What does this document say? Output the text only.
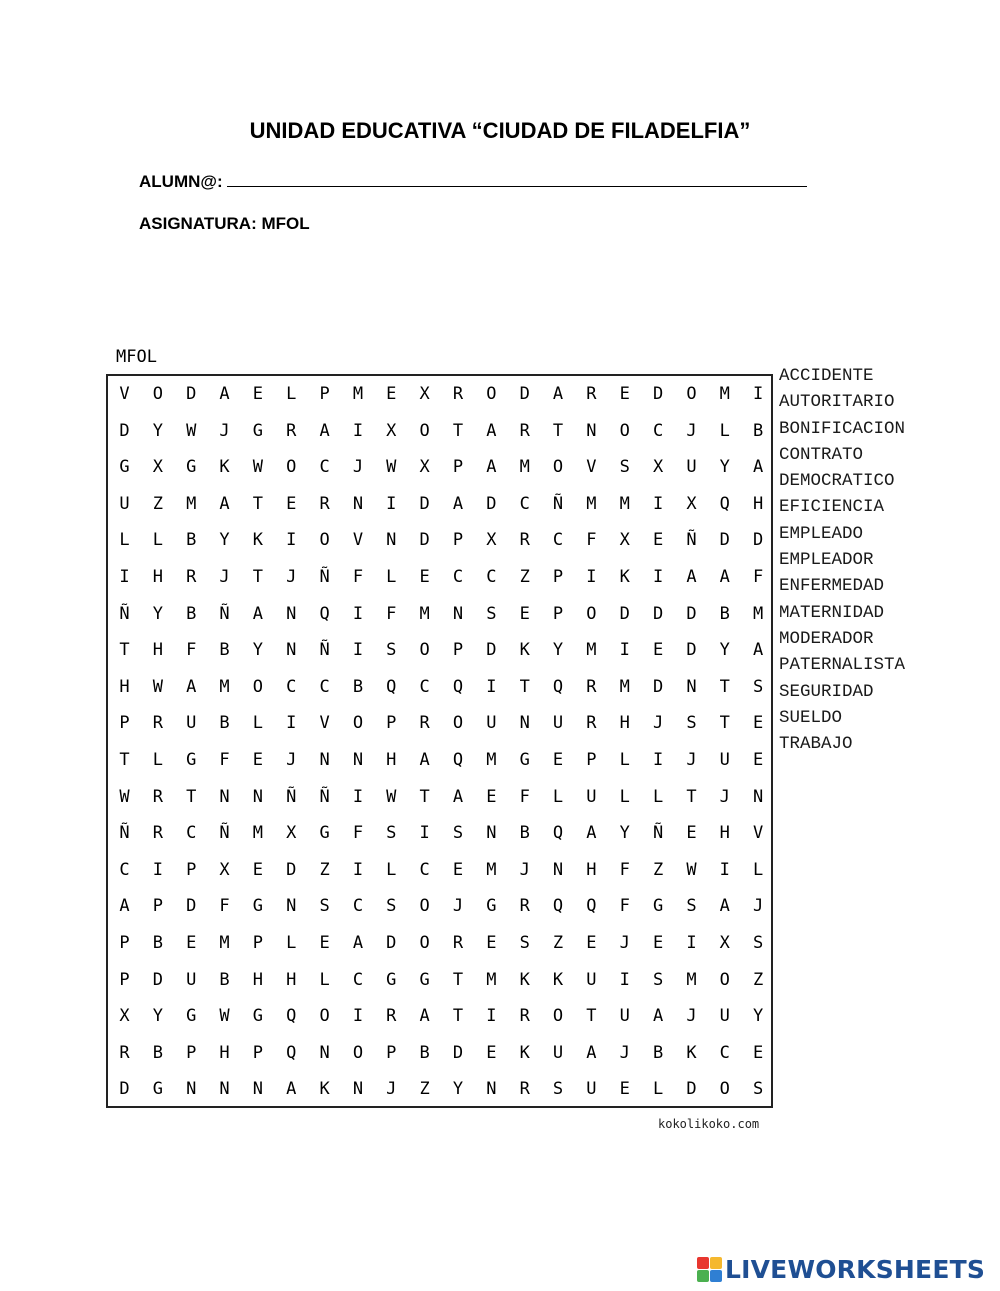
UNIDAD EDUCATIVA “CIUDAD DE FILADELFIA”
ALUMN@:
ASIGNATURA: MFOL
MFOL
V	O	D	A	E	L	P	M	E	X	R	O	D	A	R	E	D	O	M	I
D	Y	W	J	G	R	A	I	X	O	T	A	R	T	N	O	C	J	L	B
G	X	G	K	W	O	C	J	W	X	P	A	M	O	V	S	X	U	Y	A
U	Z	M	A	T	E	R	N	I	D	A	D	C	Ñ	M	M	I	X	Q	H
L	L	B	Y	K	I	O	V	N	D	P	X	R	C	F	X	E	Ñ	D	D
I	H	R	J	T	J	Ñ	F	L	E	C	C	Z	P	I	K	I	A	A	F
Ñ	Y	B	Ñ	A	N	Q	I	F	M	N	S	E	P	O	D	D	D	B	M
T	H	F	B	Y	N	Ñ	I	S	O	P	D	K	Y	M	I	E	D	Y	A
H	W	A	M	O	C	C	B	Q	C	Q	I	T	Q	R	M	D	N	T	S
P	R	U	B	L	I	V	O	P	R	O	U	N	U	R	H	J	S	T	E
T	L	G	F	E	J	N	N	H	A	Q	M	G	E	P	L	I	J	U	E
W	R	T	N	N	Ñ	Ñ	I	W	T	A	E	F	L	U	L	L	T	J	N
Ñ	R	C	Ñ	M	X	G	F	S	I	S	N	B	Q	A	Y	Ñ	E	H	V
C	I	P	X	E	D	Z	I	L	C	E	M	J	N	H	F	Z	W	I	L
A	P	D	F	G	N	S	C	S	O	J	G	R	Q	Q	F	G	S	A	J
P	B	E	M	P	L	E	A	D	O	R	E	S	Z	E	J	E	I	X	S
P	D	U	B	H	H	L	C	G	G	T	M	K	K	U	I	S	M	O	Z
X	Y	G	W	G	Q	O	I	R	A	T	I	R	O	T	U	A	J	U	Y
R	B	P	H	P	Q	N	O	P	B	D	E	K	U	A	J	B	K	C	E
D	G	N	N	N	A	K	N	J	Z	Y	N	R	S	U	E	L	D	O	S
ACCIDENTE
AUTORITARIO
BONIFICACION
CONTRATO
DEMOCRATICO
EFICIENCIA
EMPLEADO
EMPLEADOR
ENFERMEDAD
MATERNIDAD
MODERADOR
PATERNALISTA
SEGURIDAD
SUELDO
TRABAJO
kokolikoko.com
LIVEWORKSHEETS
